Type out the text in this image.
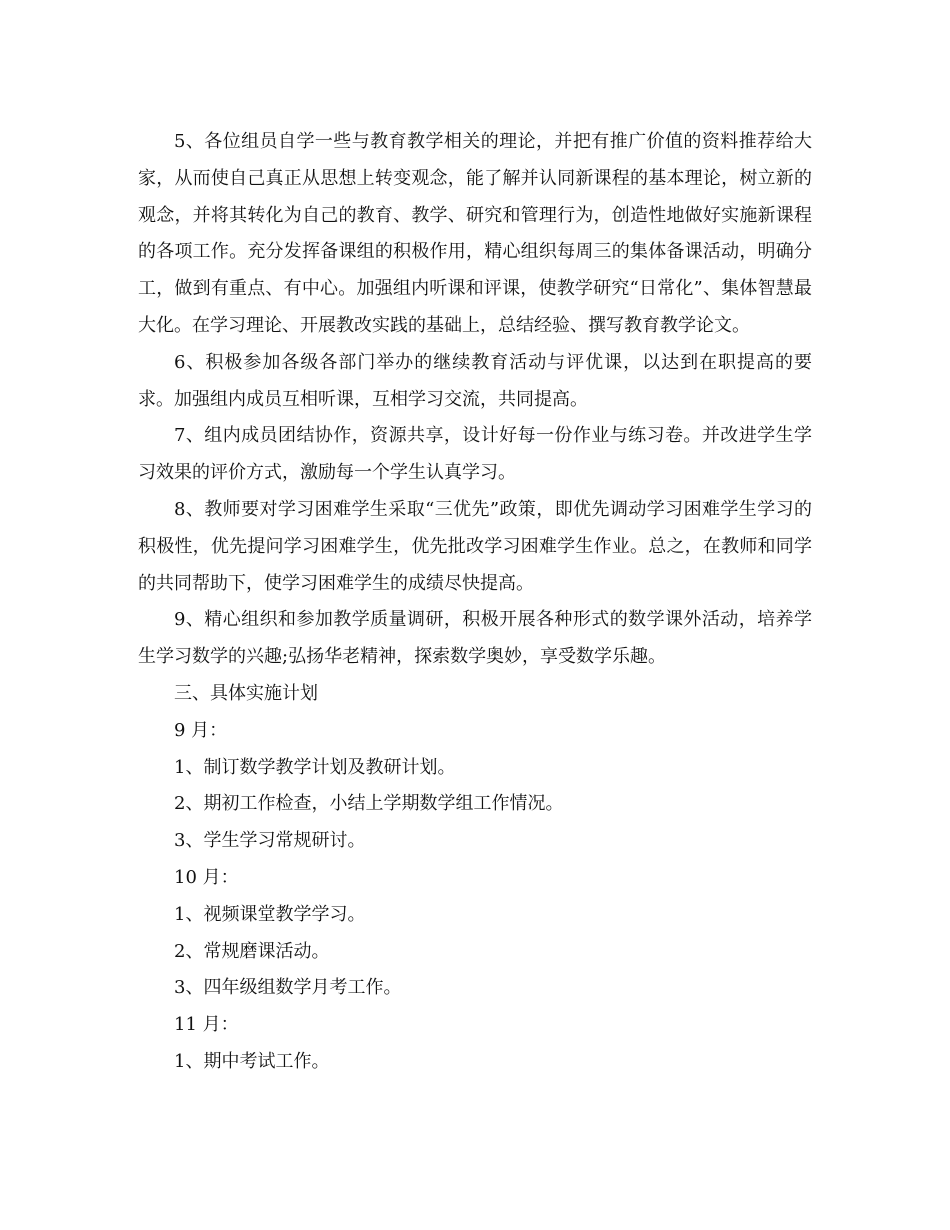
5、各位组员自学一些与教育教学相关的理论，并把有推广价值的资料推荐给大家，从而使自己真正从思想上转变观念，能了解并认同新课程的基本理论，树立新的观念，并将其转化为自己的教育、教学、研究和管理行为，创造性地做好实施新课程的各项工作。充分发挥备课组的积极作用，精心组织每周三的集体备课活动，明确分工，做到有重点、有中心。加强组内听课和评课，使教学研究“日常化”、集体智慧最大化。在学习理论、开展教改实践的基础上，总结经验、撰写教育教学论文。

6、积极参加各级各部门举办的继续教育活动与评优课，以达到在职提高的要求。加强组内成员互相听课，互相学习交流，共同提高。

7、组内成员团结协作，资源共享，设计好每一份作业与练习卷。并改进学生学习效果的评价方式，激励每一个学生认真学习。

8、教师要对学习困难学生采取“三优先”政策，即优先调动学习困难学生学习的积极性，优先提问学习困难学生，优先批改学习困难学生作业。总之，在教师和同学的共同帮助下，使学习困难学生的成绩尽快提高。

9、精心组织和参加教学质量调研，积极开展各种形式的数学课外活动，培养学生学习数学的兴趣;弘扬华老精神，探索数学奥妙，享受数学乐趣。

三、具体实施计划

9 月：

1、制订数学教学计划及教研计划。

2、期初工作检查，小结上学期数学组工作情况。

3、学生学习常规研讨。

10 月：

1、视频课堂教学学习。

2、常规磨课活动。

3、四年级组数学月考工作。

11 月：

1、期中考试工作。
